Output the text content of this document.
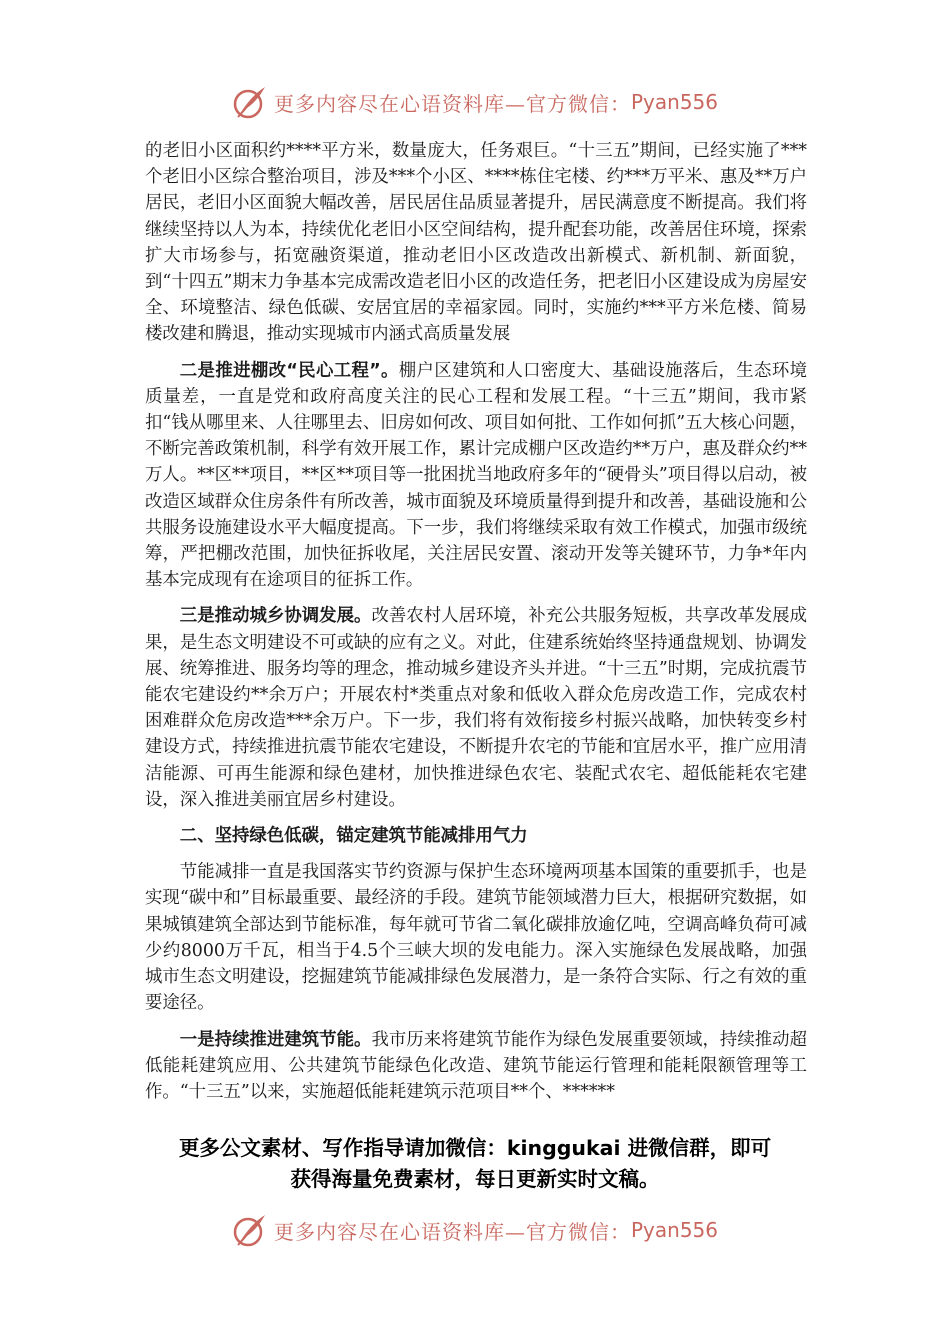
更多内容尽在心语资料库—官方微信： Pyan556

的老旧小区面积约****平方米，数量庞大，任务艰巨。“十三五”期间，已经实施了***个老旧小区综合整治项目，涉及***个小区、****栋住宅楼、约***万平米、惠及**万户居民，老旧小区面貌大幅改善，居民居住品质显著提升，居民满意度不断提高。我们将继续坚持以人为本，持续优化老旧小区空间结构，提升配套功能，改善居住环境，探索扩大市场参与，拓宽融资渠道，推动老旧小区改造改出新模式、新机制、新面貌，到“十四五”期末力争基本完成需改造老旧小区的改造任务，把老旧小区建设成为房屋安全、环境整洁、绿色低碳、安居宜居的幸福家园。同时，实施约***平方米危楼、简易楼改建和腾退，推动实现城市内涵式高质量发展

二是推进棚改“民心工程”。棚户区建筑和人口密度大、基础设施落后，生态环境质量差，一直是党和政府高度关注的民心工程和发展工程。“十三五”期间，我市紧扣“钱从哪里来、人往哪里去、旧房如何改、项目如何批、工作如何抓”五大核心问题，不断完善政策机制，科学有效开展工作，累计完成棚户区改造约**万户，惠及群众约**万人。**区**项目，**区**项目等一批困扰当地政府多年的“硬骨头”项目得以启动，被改造区域群众住房条件有所改善，城市面貌及环境质量得到提升和改善，基础设施和公共服务设施建设水平大幅度提高。下一步，我们将继续采取有效工作模式，加强市级统筹，严把棚改范围，加快征拆收尾，关注居民安置、滚动开发等关键环节，力争*年内基本完成现有在途项目的征拆工作。

三是推动城乡协调发展。改善农村人居环境，补充公共服务短板，共享改革发展成果，是生态文明建设不可或缺的应有之义。对此，住建系统始终坚持通盘规划、协调发展、统筹推进、服务均等的理念，推动城乡建设齐头并进。“十三五”时期，完成抗震节能农宅建设约**余万户；开展农村*类重点对象和低收入群众危房改造工作，完成农村困难群众危房改造***余万户。下一步，我们将有效衔接乡村振兴战略，加快转变乡村建设方式，持续推进抗震节能农宅建设，不断提升农宅的节能和宜居水平，推广应用清洁能源、可再生能源和绿色建材，加快推进绿色农宅、装配式农宅、超低能耗农宅建设，深入推进美丽宜居乡村建设。

二、坚持绿色低碳，锚定建筑节能减排用气力

节能减排一直是我国落实节约资源与保护生态环境两项基本国策的重要抓手，也是实现“碳中和”目标最重要、最经济的手段。建筑节能领域潜力巨大，根据研究数据，如果城镇建筑全部达到节能标准，每年就可节省二氧化碳排放逾亿吨，空调高峰负荷可减少约8000万千瓦，相当于4.5个三峡大坝的发电能力。深入实施绿色发展战略，加强城市生态文明建设，挖掘建筑节能减排绿色发展潜力，是一条符合实际、行之有效的重要途径。

一是持续推进建筑节能。我市历来将建筑节能作为绿色发展重要领域，持续推动超低能耗建筑应用、公共建筑节能绿色化改造、建筑节能运行管理和能耗限额管理等工作。“十三五”以来，实施超低能耗建筑示范项目**个、******

更多公文素材、写作指导请加微信：kinggukai 进微信群，即可
获得海量免费素材，每日更新实时文稿。
更多内容尽在心语资料库—官方微信： Pyan556
